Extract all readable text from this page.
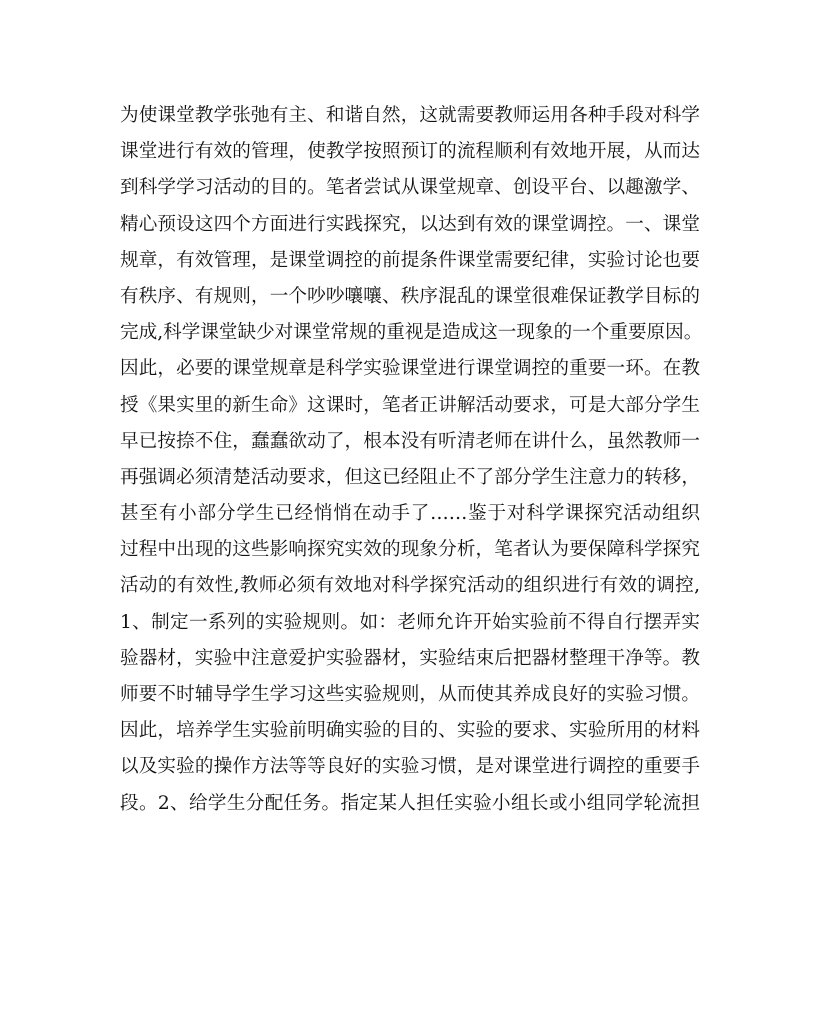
为使课堂教学张弛有主、和谐自然，这就需要教师运用各种手段对科学
课堂进行有效的管理，使教学按照预订的流程顺利有效地开展，从而达
到科学学习活动的目的。笔者尝试从课堂规章、创设平台、以趣激学、
精心预设这四个方面进行实践探究，以达到有效的课堂调控。一、课堂
规章，有效管理，是课堂调控的前提条件课堂需要纪律，实验讨论也要
有秩序、有规则，一个吵吵嚷嚷、秩序混乱的课堂很难保证教学目标的
完成,科学课堂缺少对课堂常规的重视是造成这一现象的一个重要原因。
因此，必要的课堂规章是科学实验课堂进行课堂调控的重要一环。在教
授《果实里的新生命》这课时，笔者正讲解活动要求，可是大部分学生
早已按捺不住，蠢蠢欲动了，根本没有听清老师在讲什么，虽然教师一
再强调必须清楚活动要求，但这已经阻止不了部分学生注意力的转移，
甚至有小部分学生已经悄悄在动手了……鉴于对科学课探究活动组织
过程中出现的这些影响探究实效的现象分析，笔者认为要保障科学探究
活动的有效性,教师必须有效地对科学探究活动的组织进行有效的调控,
1、制定一系列的实验规则。如：老师允许开始实验前不得自行摆弄实
验器材，实验中注意爱护实验器材，实验结束后把器材整理干净等。教
师要不时辅导学生学习这些实验规则，从而使其养成良好的实验习惯。
因此，培养学生实验前明确实验的目的、实验的要求、实验所用的材料
以及实验的操作方法等等良好的实验习惯，是对课堂进行调控的重要手
段。2、给学生分配任务。指定某人担任实验小组长或小组同学轮流担
